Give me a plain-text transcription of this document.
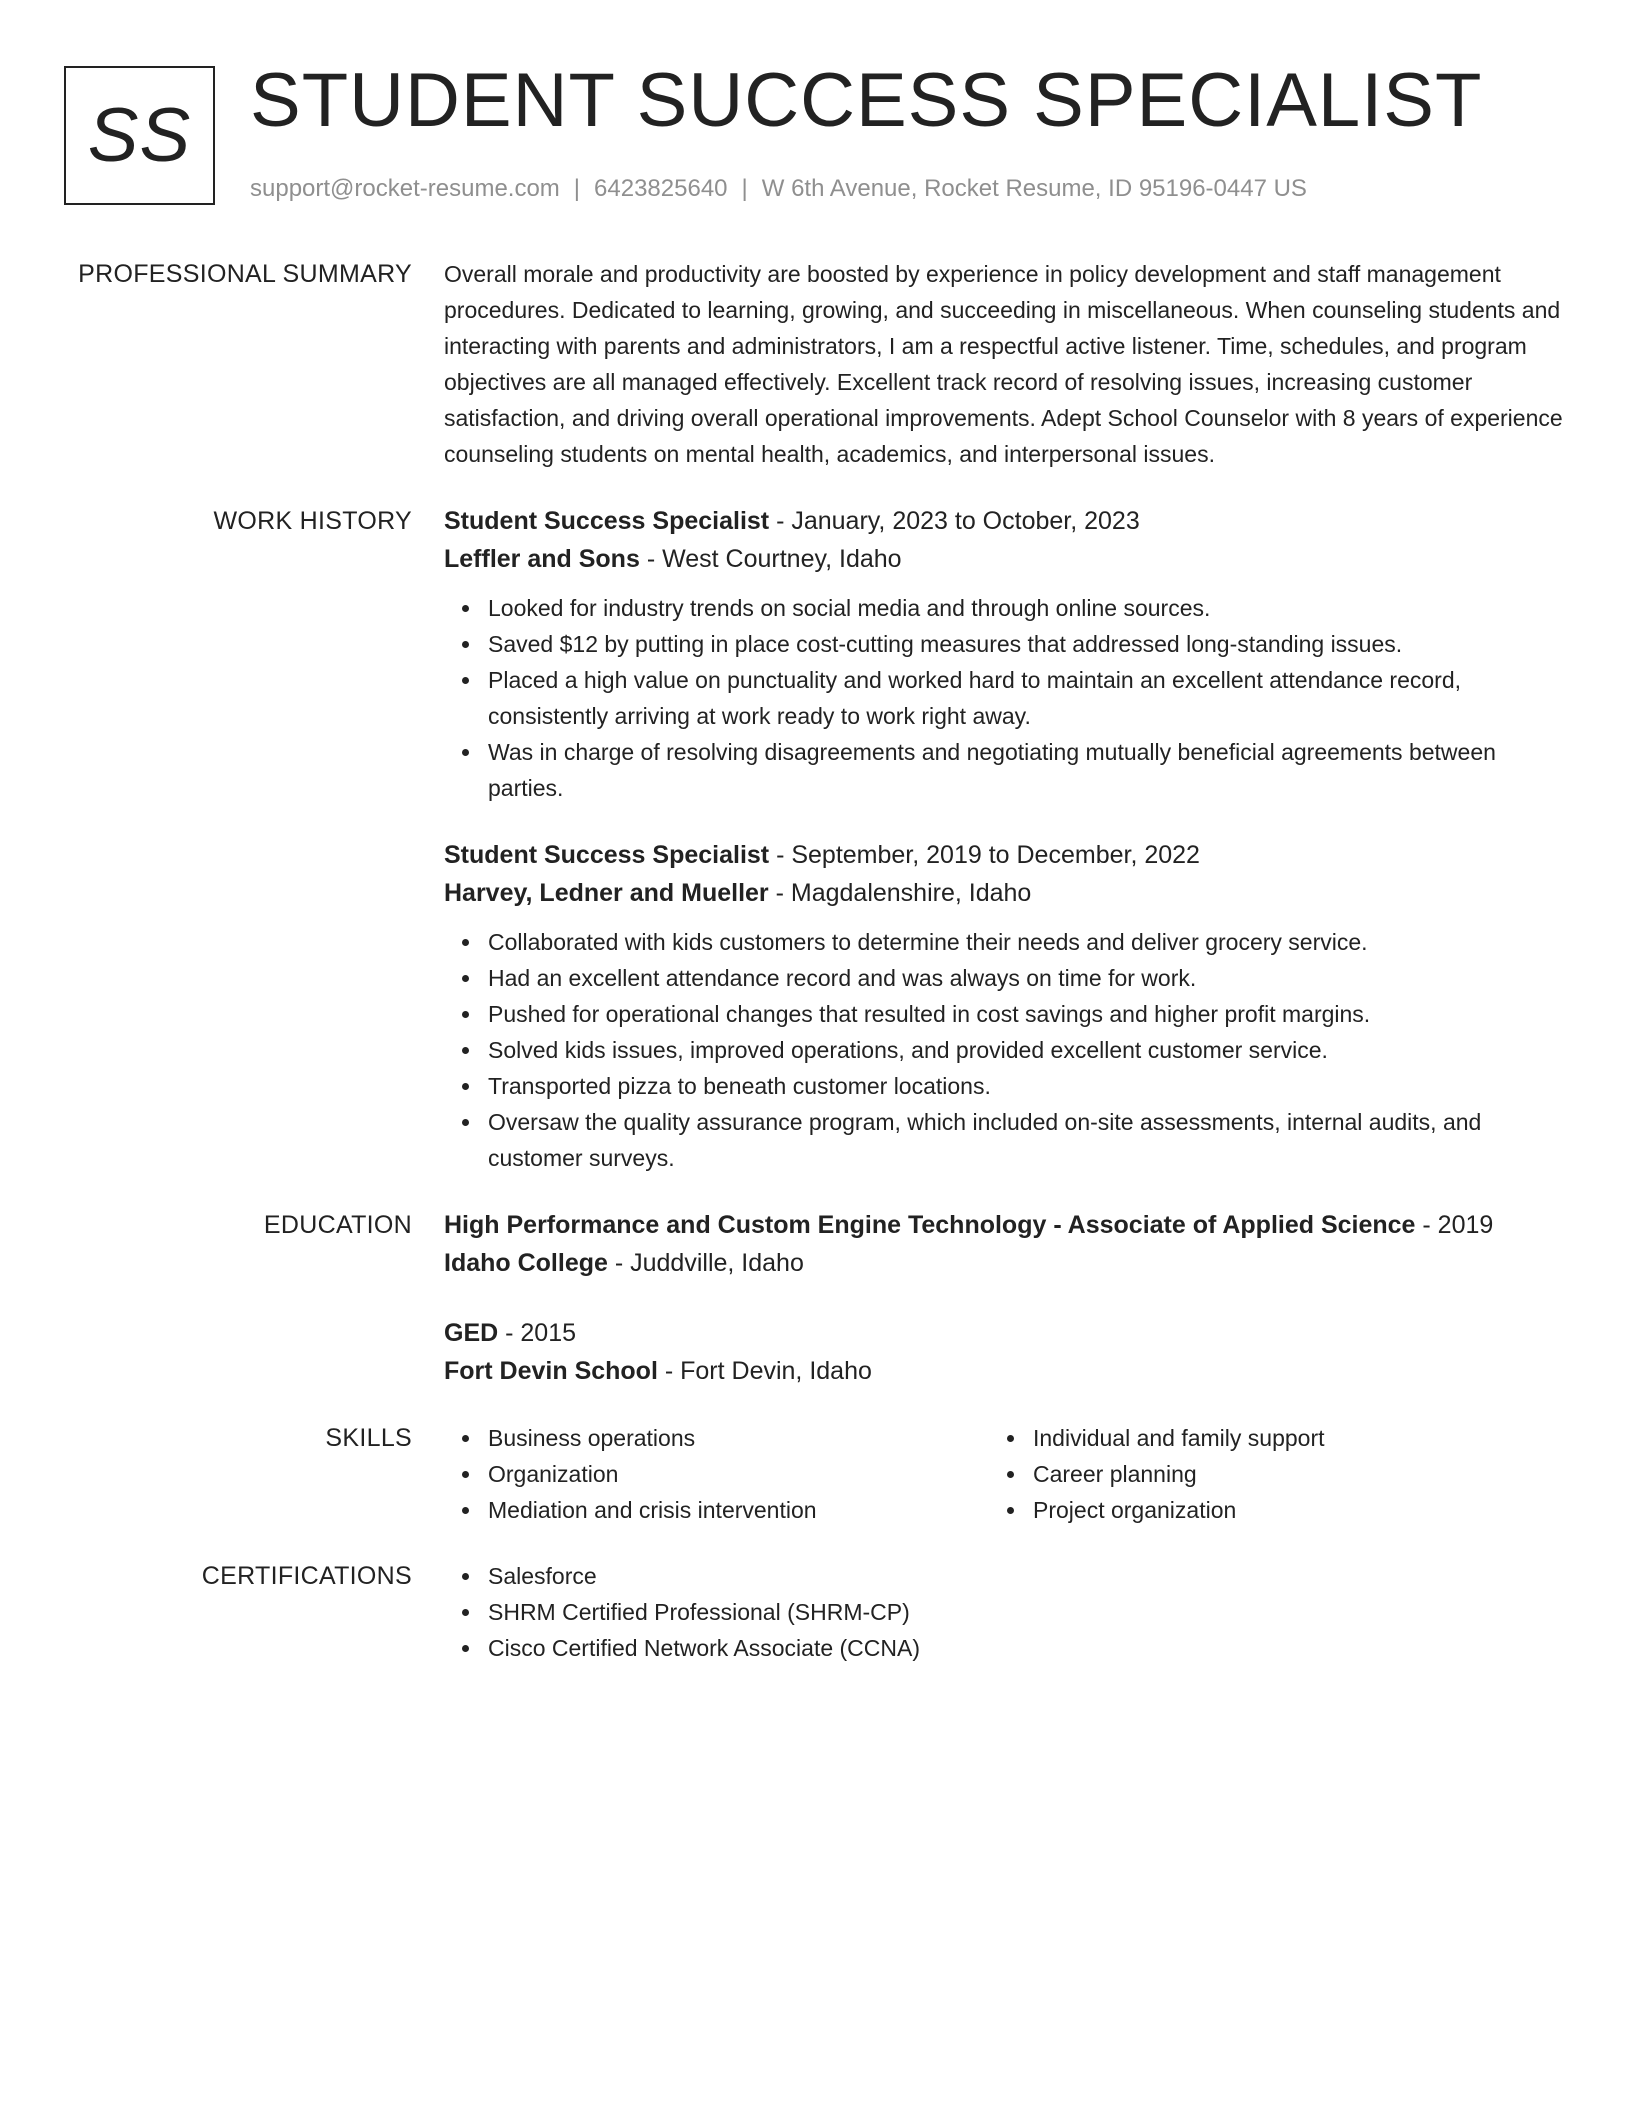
SS STUDENT SUCCESS SPECIALIST
support@rocket-resume.com | 6423825640 | W 6th Avenue, Rocket Resume, ID 95196-0447 US
PROFESSIONAL SUMMARY Overall morale and productivity are boosted by experience in policy development and staff management procedures. Dedicated to learning, growing, and succeeding in miscellaneous. When counseling students and interacting with parents and administrators, I am a respectful active listener. Time, schedules, and program objectives are all managed effectively. Excellent track record of resolving issues, increasing customer satisfaction, and driving overall operational improvements. Adept School Counselor with 8 years of experience counseling students on mental health, academics, and interpersonal issues.

WORK HISTORY Student Success Specialist - January, 2023 to October, 2023
Leffler and Sons - West Courtney, Idaho
Looked for industry trends on social media and through online sources.
Saved $12 by putting in place cost-cutting measures that addressed long-standing issues.
Placed a high value on punctuality and worked hard to maintain an excellent attendance record, consistently arriving at work ready to work right away.
Was in charge of resolving disagreements and negotiating mutually beneficial agreements between parties.
Student Success Specialist - September, 2019 to December, 2022
Harvey, Ledner and Mueller - Magdalenshire, Idaho
Collaborated with kids customers to determine their needs and deliver grocery service.
Had an excellent attendance record and was always on time for work.
Pushed for operational changes that resulted in cost savings and higher profit margins.
Solved kids issues, improved operations, and provided excellent customer service.
Transported pizza to beneath customer locations.
Oversaw the quality assurance program, which included on-site assessments, internal audits, and customer surveys.
EDUCATION High Performance and Custom Engine Technology - Associate of Applied Science - 2019
Idaho College - Juddville, Idaho
GED - 2015
Fort Devin School - Fort Devin, Idaho
SKILLS	Business operations
Organization
Mediation and crisis intervention
Individual and family support
Career planning
Project organization
CERTIFICATIONS	Salesforce
SHRM Certified Professional (SHRM-CP)
Cisco Certified Network Associate (CCNA)
